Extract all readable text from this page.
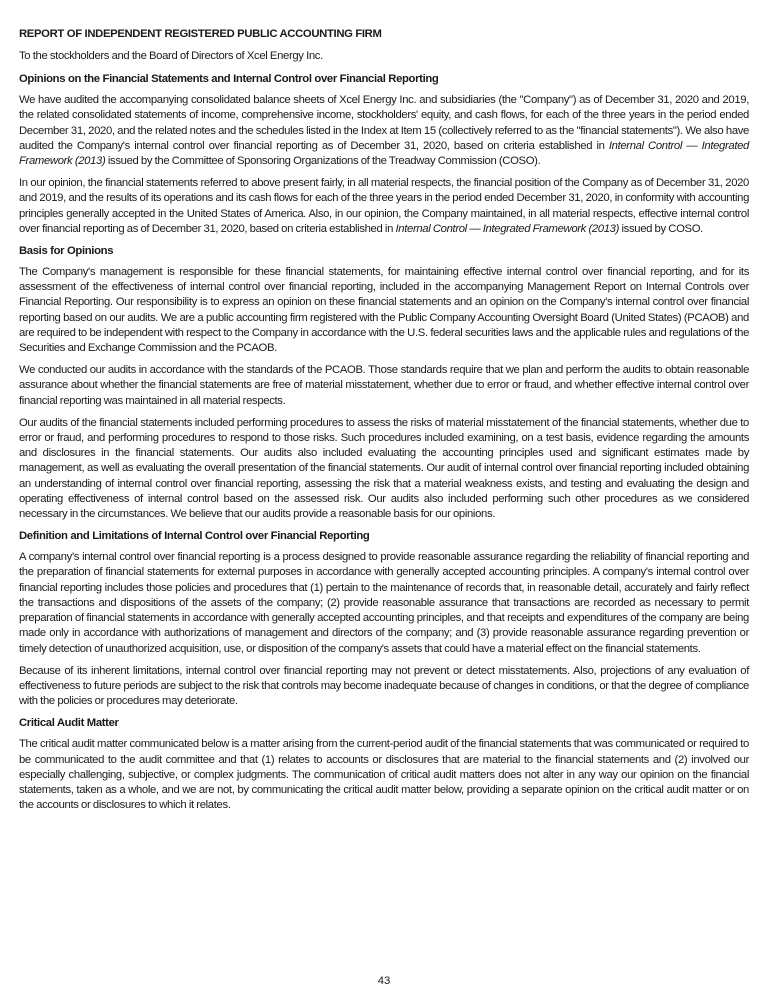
REPORT OF INDEPENDENT REGISTERED PUBLIC ACCOUNTING FIRM

To the stockholders and the Board of Directors of Xcel Energy Inc.

Opinions on the Financial Statements and Internal Control over Financial Reporting

We have audited the accompanying consolidated balance sheets of Xcel Energy Inc. and subsidiaries (the "Company") as of December 31, 2020 and 2019, the related consolidated statements of income, comprehensive income, stockholders' equity, and cash flows, for each of the three years in the period ended December 31, 2020, and the related notes and the schedules listed in the Index at Item 15 (collectively referred to as the "financial statements"). We also have audited the Company's internal control over financial reporting as of December 31, 2020, based on criteria established in Internal Control — Integrated Framework (2013) issued by the Committee of Sponsoring Organizations of the Treadway Commission (COSO).

In our opinion, the financial statements referred to above present fairly, in all material respects, the financial position of the Company as of December 31, 2020 and 2019, and the results of its operations and its cash flows for each of the three years in the period ended December 31, 2020, in conformity with accounting principles generally accepted in the United States of America. Also, in our opinion, the Company maintained, in all material respects, effective internal control over financial reporting as of December 31, 2020, based on criteria established in Internal Control — Integrated Framework (2013) issued by COSO.

Basis for Opinions

The Company's management is responsible for these financial statements, for maintaining effective internal control over financial reporting, and for its assessment of the effectiveness of internal control over financial reporting, included in the accompanying Management Report on Internal Controls over Financial Reporting. Our responsibility is to express an opinion on these financial statements and an opinion on the Company's internal control over financial reporting based on our audits. We are a public accounting firm registered with the Public Company Accounting Oversight Board (United States) (PCAOB) and are required to be independent with respect to the Company in accordance with the U.S. federal securities laws and the applicable rules and regulations of the Securities and Exchange Commission and the PCAOB.

We conducted our audits in accordance with the standards of the PCAOB. Those standards require that we plan and perform the audits to obtain reasonable assurance about whether the financial statements are free of material misstatement, whether due to error or fraud, and whether effective internal control over financial reporting was maintained in all material respects.

Our audits of the financial statements included performing procedures to assess the risks of material misstatement of the financial statements, whether due to error or fraud, and performing procedures to respond to those risks. Such procedures included examining, on a test basis, evidence regarding the amounts and disclosures in the financial statements. Our audits also included evaluating the accounting principles used and significant estimates made by management, as well as evaluating the overall presentation of the financial statements. Our audit of internal control over financial reporting included obtaining an understanding of internal control over financial reporting, assessing the risk that a material weakness exists, and testing and evaluating the design and operating effectiveness of internal control based on the assessed risk. Our audits also included performing such other procedures as we considered necessary in the circumstances. We believe that our audits provide a reasonable basis for our opinions.

Definition and Limitations of Internal Control over Financial Reporting

A company's internal control over financial reporting is a process designed to provide reasonable assurance regarding the reliability of financial reporting and the preparation of financial statements for external purposes in accordance with generally accepted accounting principles. A company's internal control over financial reporting includes those policies and procedures that (1) pertain to the maintenance of records that, in reasonable detail, accurately and fairly reflect the transactions and dispositions of the assets of the company; (2) provide reasonable assurance that transactions are recorded as necessary to permit preparation of financial statements in accordance with generally accepted accounting principles, and that receipts and expenditures of the company are being made only in accordance with authorizations of management and directors of the company; and (3) provide reasonable assurance regarding prevention or timely detection of unauthorized acquisition, use, or disposition of the company's assets that could have a material effect on the financial statements.

Because of its inherent limitations, internal control over financial reporting may not prevent or detect misstatements. Also, projections of any evaluation of effectiveness to future periods are subject to the risk that controls may become inadequate because of changes in conditions, or that the degree of compliance with the policies or procedures may deteriorate.

Critical Audit Matter

The critical audit matter communicated below is a matter arising from the current-period audit of the financial statements that was communicated or required to be communicated to the audit committee and that (1) relates to accounts or disclosures that are material to the financial statements and (2) involved our especially challenging, subjective, or complex judgments. The communication of critical audit matters does not alter in any way our opinion on the financial statements, taken as a whole, and we are not, by communicating the critical audit matter below, providing a separate opinion on the critical audit matter or on the accounts or disclosures to which it relates.

43
